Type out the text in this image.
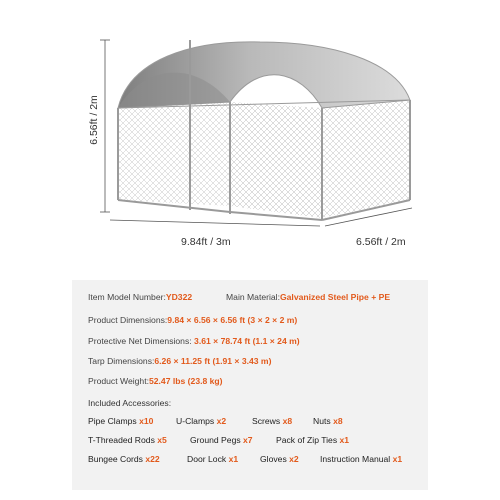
6.56ft / 2m
9.84ft / 3m	6.56ft / 2m
Item Model Number:YD322	Main Material:Galvanized Steel Pipe + PE
Product Dimensions:9.84 × 6.56 × 6.56 ft (3 × 2 × 2 m)
Protective Net Dimensions: 3.61 × 78.74 ft (1.1 × 24 m)
Tarp Dimensions:6.26 × 11.25 ft (1.91 × 3.43 m)
Product Weight:52.47 lbs (23.8 kg)
Included Accessories:
Pipe Clamps x10	U-Clamps x2	Screws x8 Nuts x8
T-Threaded Rods x5	Ground Pegs x7	Pack of Zip Ties x1
Bungee Cords x22	Door Lock x1	Gloves x2 Instruction Manual x1
